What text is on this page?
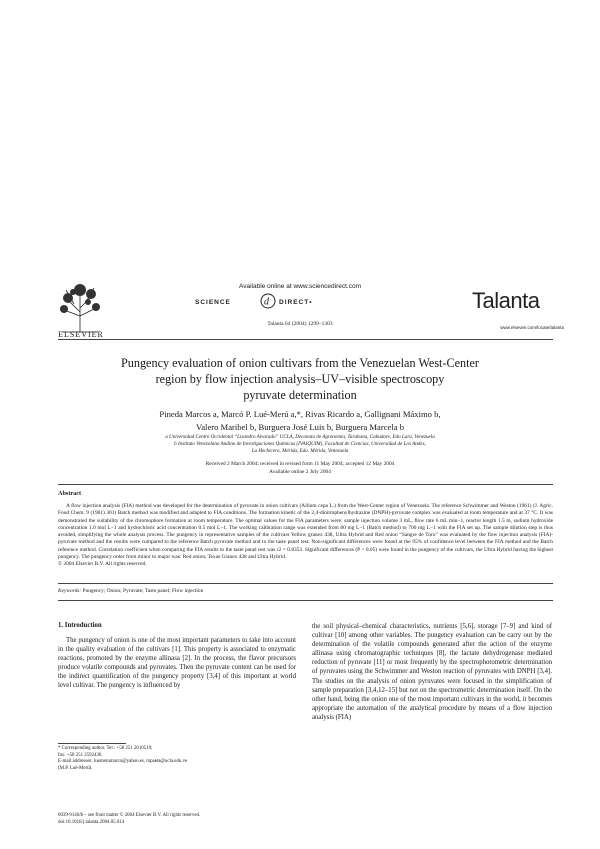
ELSEVIER
Available online at www.sciencedirect.com
SCIENCE	d DIRECT•
Talanta 64 (2004) 1299–1303
Talanta
www.elsevier.com/locate/talanta
Pungency evaluation of onion cultivars from the Venezuelan West-Center
region by flow injection analysis–UV–visible spectroscopy
pyruvate determination
Pineda Marcos a, Marcó P. Lué-Merú a,*, Rivas Ricardo a, Gallignani Máximo b,
Valero Maribel b, Burguera José Luis b, Burguera Marcela b
a Universidad Centro Occidental “Lisandro Alvarado” UCLA, Decanato de Agronomía, Tarabana, Cabudare, Edo Lara, Venezuela
b Instituto Venezolano Andino de Investigaciones Químicas (IVAIQUIM), Facultad de Ciencias, Universidad de Los Andes,
La Hechicera, Mérida, Edo. Mérida, Venezuela
Received 2 March 2004; received in revised form 11 May 2004; accepted 12 May 2004
Available online 2 July 2004
Abstract
A flow injection analysis (FIA) method was developed for the determination of pyruvate in onion cultivars (Allium cepa L.) from the West-Center region of Venezuela. The reference Schwimmer and Weston (1961) (J. Agric. Food Chem. 9 (1961) 301) Batch method was modified and adapted to FIA conditions. The formation kinetic of the 2,4-dinitrophenylhydrazine (DNPH)-pyruvate complex was evaluated at room temperature and at 37 °C. It was demonstrated the suitability of the chromophore formation at room temperature. The optimal values for the FIA parameters were: sample injection volume 3 mL, flow rate 6 mL min−1, reactor length 1.5 m, sodium hydroxide concentration 1.0 mol L−1 and hydrochloric acid concentration 0.5 mol L−1. The working calibration range was extended from 80 mg L−1 (Batch method) to 700 mg L−1 with the FIA set up. The sample dilution step is thus avoided, simplifying the whole analysis process. The pungency in representative samples of the cultivars Yellow granex 438, Ultra Hybrid and Red onion “Sangre de Toro” was evaluated by the flow injection analysis (FIA)-pyruvate method and the results were compared to the reference Batch pyruvate method and to the taste panel test. Non-significant differences were found at the 95% of confidence level between the FIA method and the Batch reference method. Correlation coefficient when comparing the FIA results to the taste panel test was r2 = 0.8353. Significant differences (P < 0.05) were found in the pungency of the cultivars, the Ultra Hybrid having the highest pungency. The pungency order from minor to major was: Red onion, Texas Granex 438 and Ultra Hybrid.
© 2004 Elsevier B.V. All rights reserved.
Keywords: Pungency; Onion; Pyruvate; Taste panel; Flow injection
1. Introduction
The pungency of onion is one of the most important parameters to take into account in the quality evaluation of the cultivars [1]. This property is associated to enzymatic reactions, promoted by the enzyme allinasa [2]. In the process, the flavor precursors produce volatile compounds and pyruvates. Then the pyruvate content can be used for the indirect quantification of the pungency property [3,4] of this important at world level cultivar. The pungency is influenced by
the soil physical–chemical characteristics, nutrients [5,6], storage [7–9] and kind of cultivar [10] among other variables. The pungency evaluation can be carry out by the determination of the volatile compounds generated after the action of the enzyme allinasa using chromatographic techniques [8], the lactate dehydrogenase mediated reduction of pyruvate [11] or most frequently by the spectrophotometric determination of pyruvates using the Schwimmer and Weston reaction of pyruvates with DNPH [3,4]. The studies on the analysis of onion pyruvates were focused in the simplification of sample preparation [3,4,12–15] but not on the spectrometric determination itself. On the other hand, being the onion one of the most important cultivars in the world, it becomes appropriate the automation of the analytical procedure by means of a flow injection analysis (FIA)
* Corresponding author. Tel.: +58 251 2610510;
fax: +58 251 2592436.
E-mail addresses: luemerumarco@yahoo.es, mpaeta@ucla.edu.ve
(M.P. Lué-Merú).
0039-9140/$ – see front matter © 2004 Elsevier B.V. All rights reserved.
doi:10.1016/j.talanta.2004.05.014
